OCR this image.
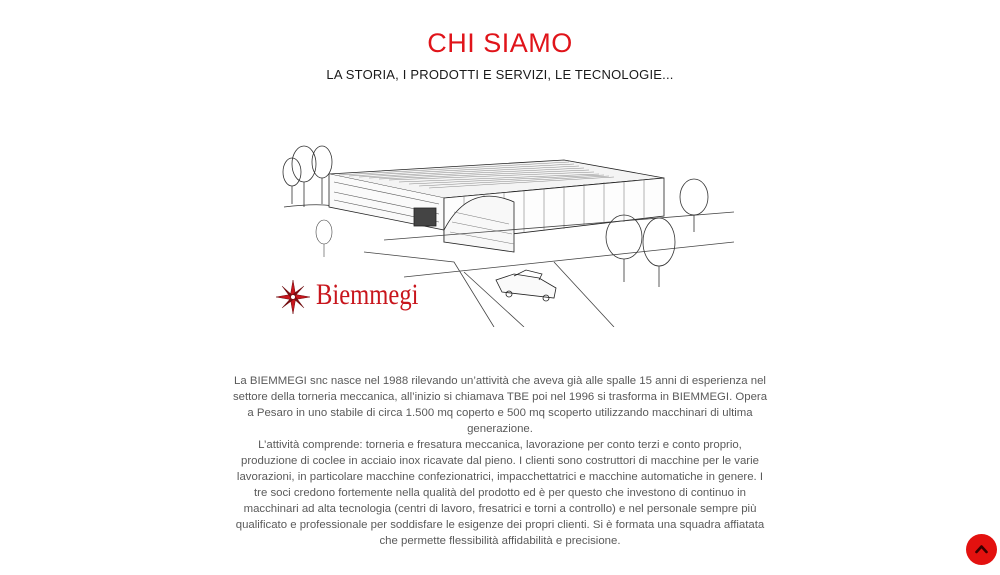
CHI SIAMO
LA STORIA, I PRODOTTI E SERVIZI, LE TECNOLOGIE...
Biemmegi

La BIEMMEGI snc nasce nel 1988 rilevando un’attività che aveva già alle spalle 15 anni di esperienza nel settore della torneria meccanica, all’inizio si chiamava TBE poi nel 1996 si trasforma in BIEMMEGI. Opera a Pesaro in uno stabile di circa 1.500 mq coperto e 500 mq scoperto utilizzando macchinari di ultima generazione.

L’attività comprende: torneria e fresatura meccanica, lavorazione per conto terzi e conto proprio, produzione di coclee in acciaio inox ricavate dal pieno. I clienti sono costruttori di macchine per le varie lavorazioni, in particolare macchine confezionatrici, impacchettatrici e macchine automatiche in genere. I tre soci credono fortemente nella qualità del prodotto ed è per questo che investono di continuo in macchinari ad alta tecnologia (centri di lavoro, fresatrici e torni a controllo) e nel personale sempre più qualificato e professionale per soddisfare le esigenze dei propri clienti. Si è formata una squadra affiatata che permette flessibilità affidabilità e precisione.
